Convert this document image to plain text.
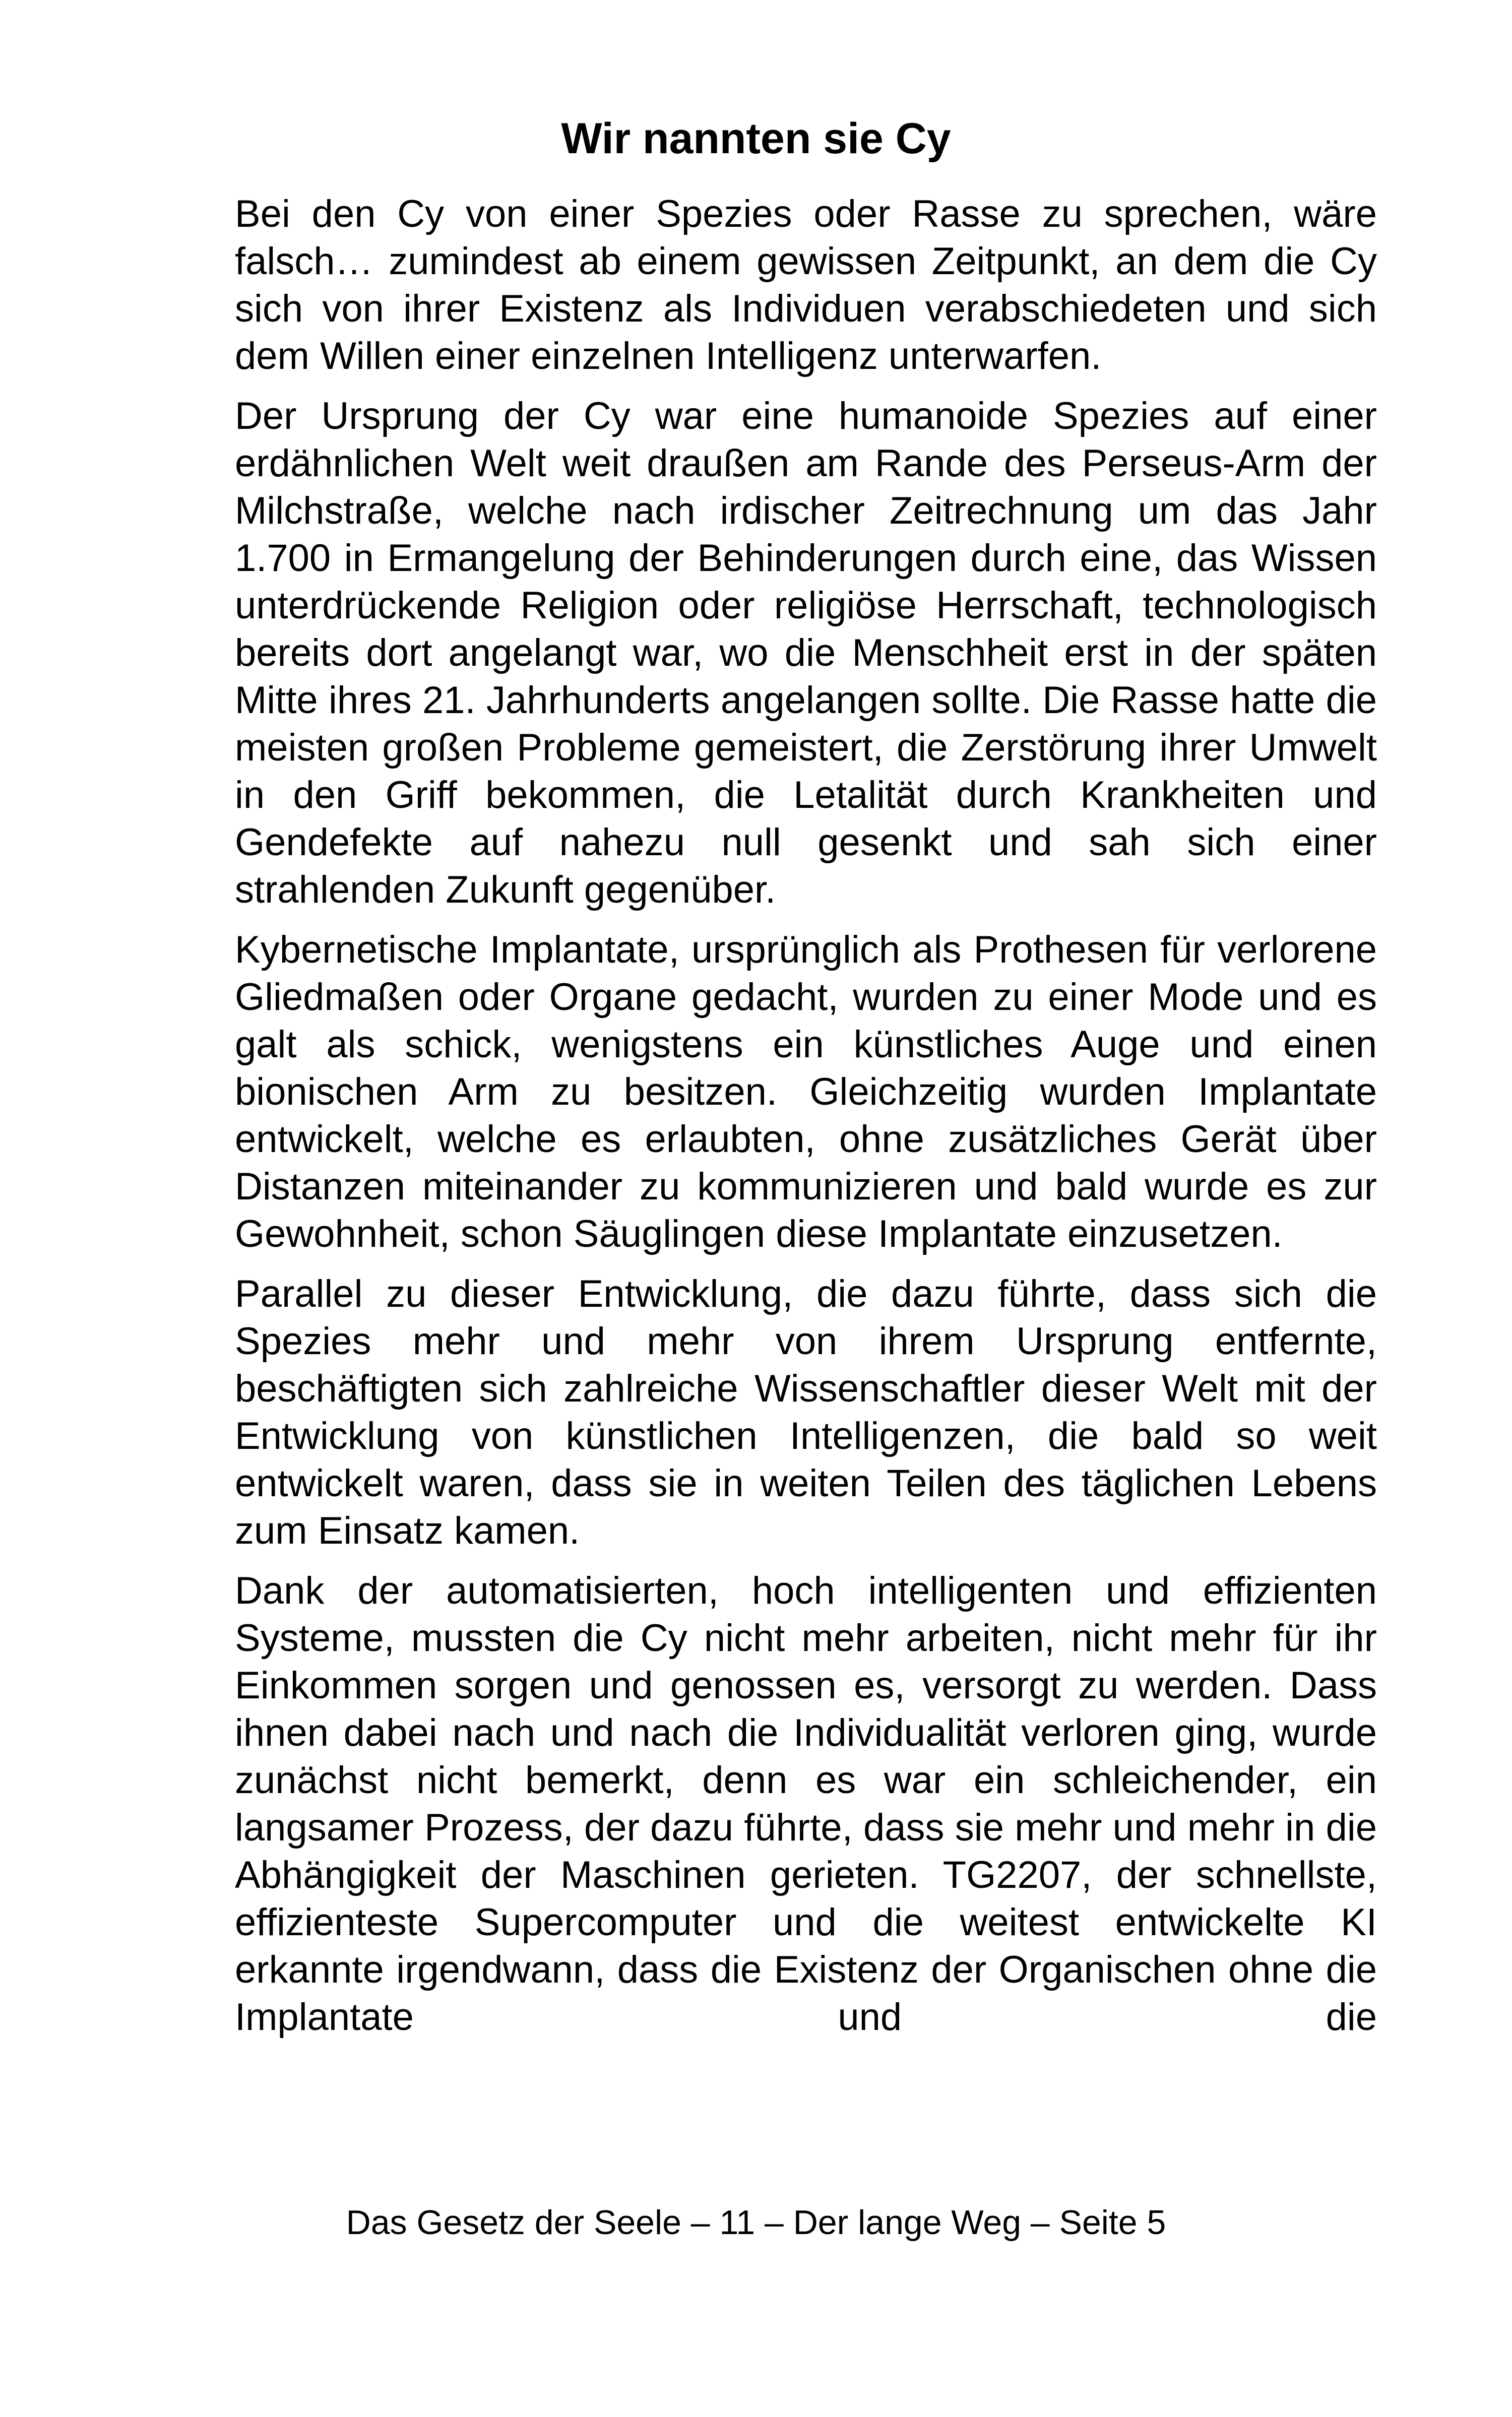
Wir nannten sie Cy

Bei den Cy von einer Spezies oder Rasse zu sprechen, wäre falsch… zumindest ab einem gewissen Zeitpunkt, an dem die Cy sich von ihrer Existenz als Individuen verabschiedeten und sich dem Willen einer einzelnen Intelligenz unterwarfen.

Der Ursprung der Cy war eine humanoide Spezies auf einer erdähnlichen Welt weit draußen am Rande des Perseus-Arm der Milchstraße, welche nach irdischer Zeitrechnung um das Jahr 1.700 in Ermangelung der Behinderungen durch eine, das Wissen unterdrückende Religion oder religiöse Herrschaft, technologisch bereits dort angelangt war, wo die Menschheit erst in der späten Mitte ihres 21. Jahrhunderts angelangen sollte. Die Rasse hatte die meisten großen Probleme gemeistert, die Zerstörung ihrer Umwelt in den Griff bekommen, die Letalität durch Krankheiten und Gendefekte auf nahezu null gesenkt und sah sich einer strahlenden Zukunft gegenüber.

Kybernetische Implantate, ursprünglich als Prothesen für verlorene Gliedmaßen oder Organe gedacht, wurden zu einer Mode und es galt als schick, wenigstens ein künstliches Auge und einen bionischen Arm zu besitzen. Gleichzeitig wurden Implantate entwickelt, welche es erlaubten, ohne zusätzliches Gerät über Distanzen miteinander zu kommunizieren und bald wurde es zur Gewohnheit, schon Säuglingen diese Implantate einzusetzen.

Parallel zu dieser Entwicklung, die dazu führte, dass sich die Spezies mehr und mehr von ihrem Ursprung entfernte, beschäftigten sich zahlreiche Wissenschaftler dieser Welt mit der Entwicklung von künstlichen Intelligenzen, die bald so weit entwickelt waren, dass sie in weiten Teilen des täglichen Lebens zum Einsatz kamen.

Dank der automatisierten, hoch intelligenten und effizienten Systeme, mussten die Cy nicht mehr arbeiten, nicht mehr für ihr Einkommen sorgen und genossen es, versorgt zu werden. Dass ihnen dabei nach und nach die Individualität verloren ging, wurde zunächst nicht bemerkt, denn es war ein schleichender, ein langsamer Prozess, der dazu führte, dass sie mehr und mehr in die Abhängigkeit der Maschinen gerieten. TG2207, der schnellste, effizienteste Supercomputer und die weitest entwickelte KI erkannte irgendwann, dass die Existenz der Organischen ohne die Implantate und die

Das Gesetz der Seele – 11 – Der lange Weg – Seite 5
